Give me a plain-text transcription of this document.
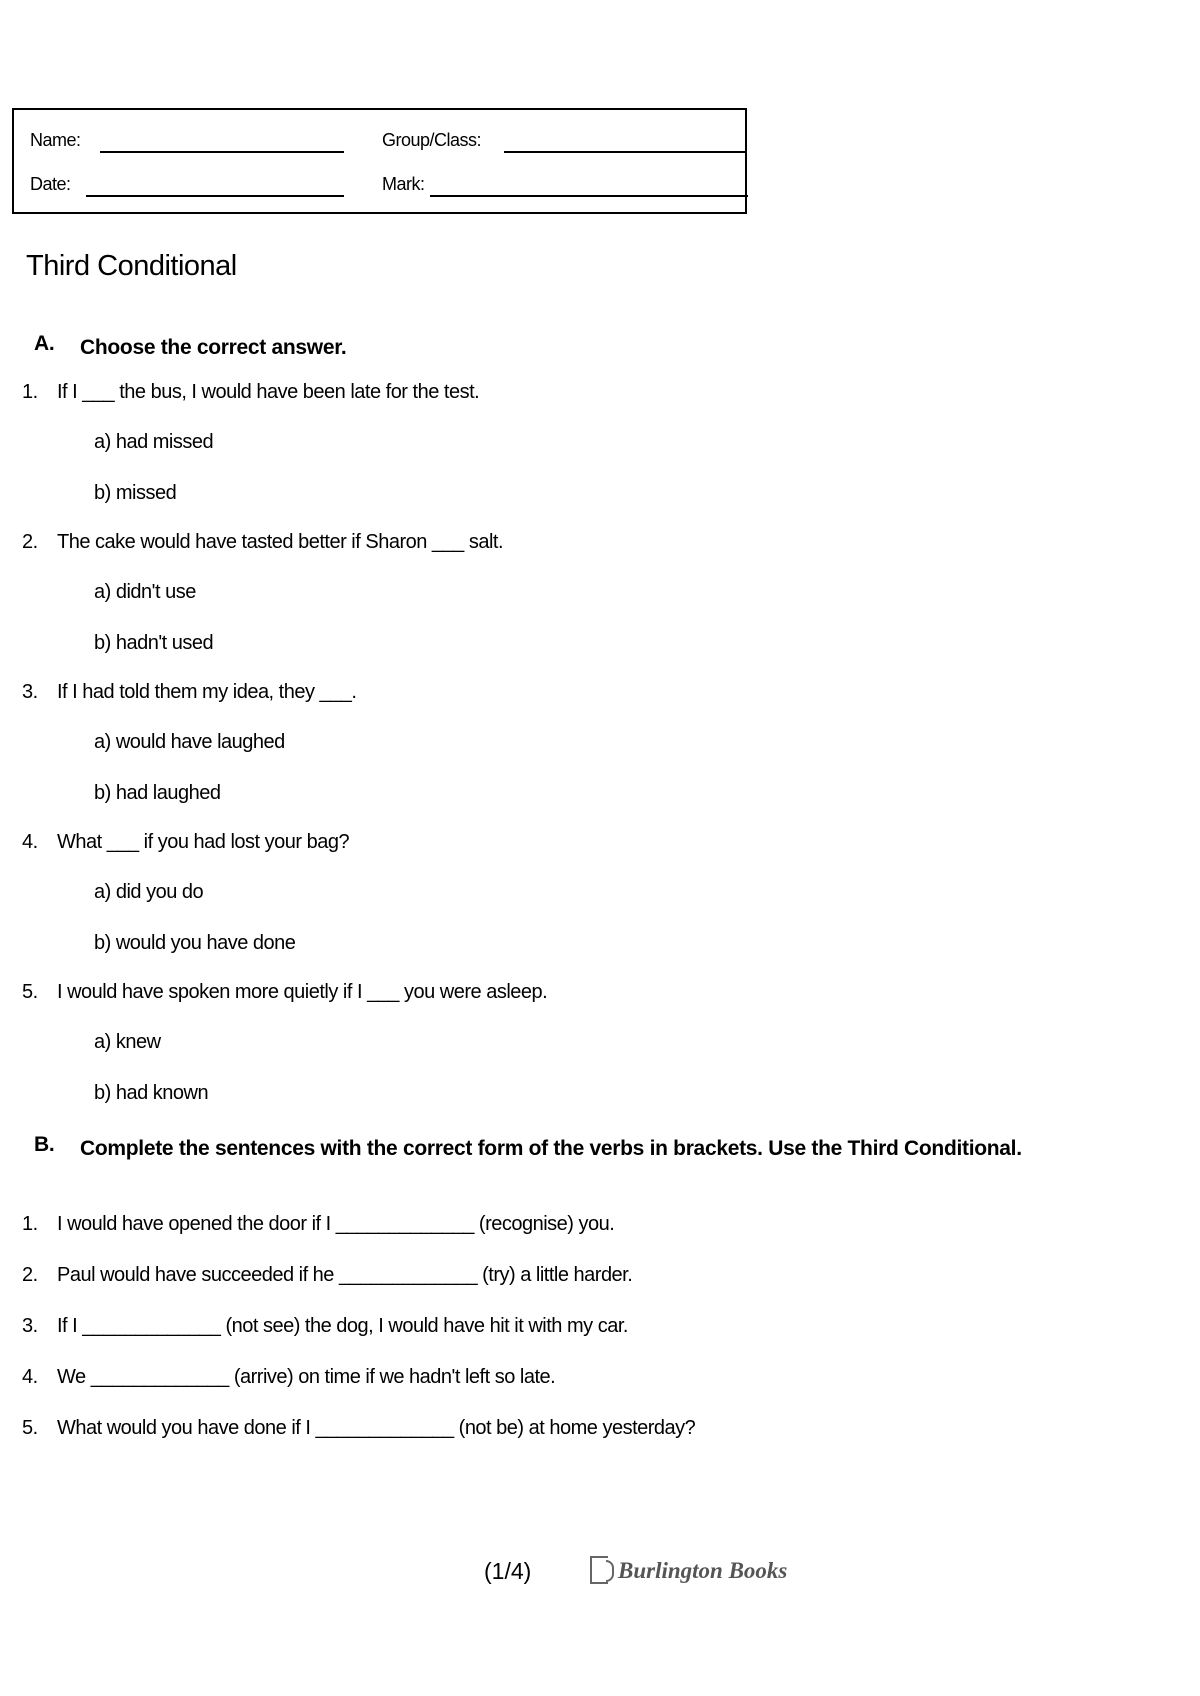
Name:	Group/Class:
Date:	Mark:
Third Conditional
A. Choose the correct answer.
1. If I ___ the bus, I would have been late for the test.
a) had missed
b) missed
2. The cake would have tasted better if Sharon ___ salt.
a) didn't use
b) hadn't used
3. If I had told them my idea, they ___.
a) would have laughed
b) had laughed
4. What ___ if you had lost your bag?
a) did you do
b) would you have done
5. I would have spoken more quietly if I ___ you were asleep.
a) knew
b) had known
B. Complete the sentences with the correct form of the verbs in brackets. Use the Third Conditional.
1. I would have opened the door if I _____________ (recognise) you.
2. Paul would have succeeded if he _____________ (try) a little harder.
3. If I _____________ (not see) the dog, I would have hit it with my car.
4. We _____________ (arrive) on time if we hadn't left so late.
5. What would you have done if I _____________ (not be) at home yesterday?
(1/4)	Burlington Books
